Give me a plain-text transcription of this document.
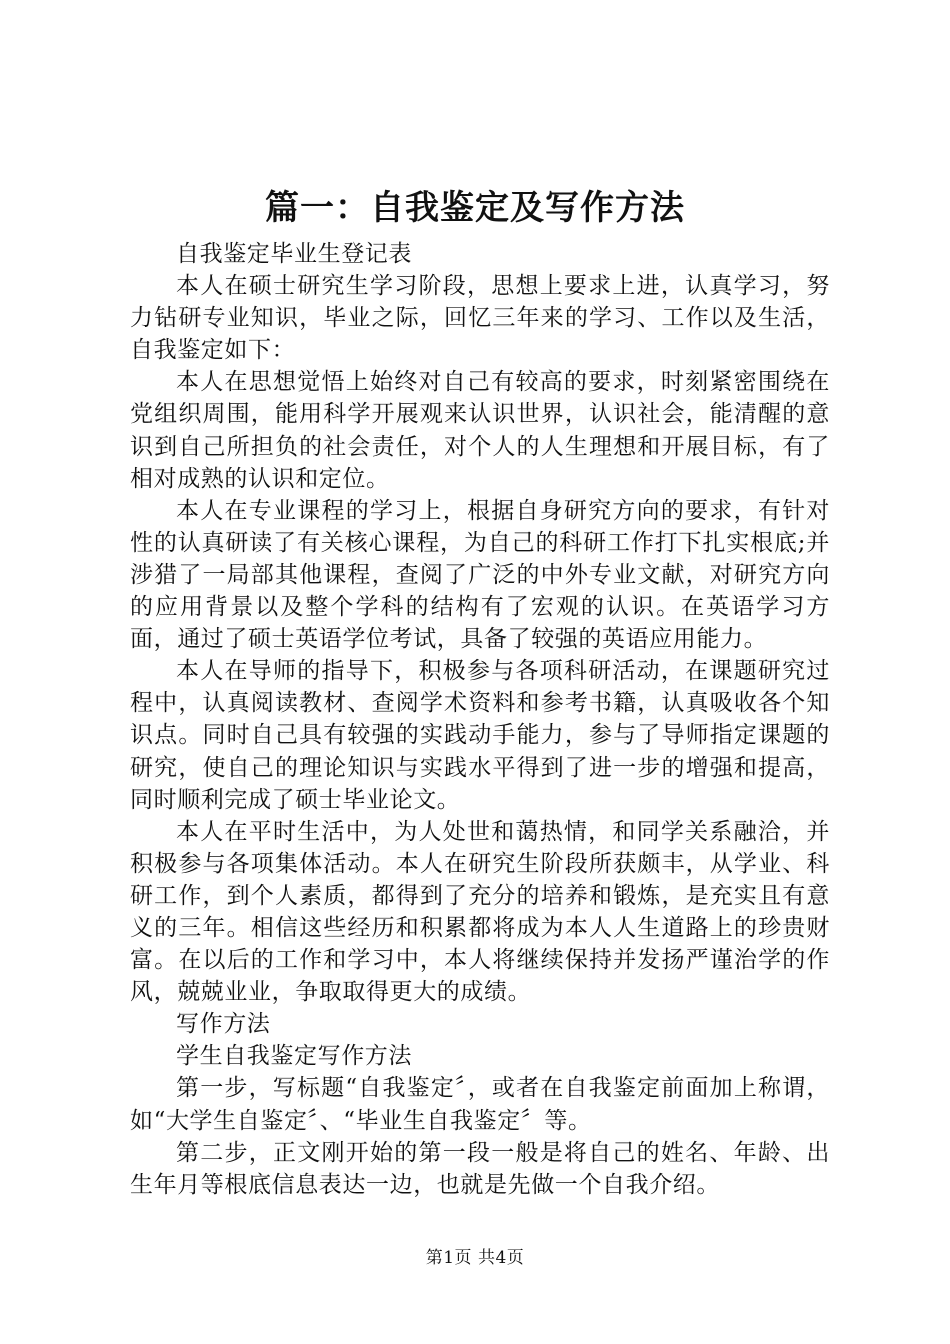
篇一：自我鉴定及写作方法

自我鉴定毕业生登记表

本人在硕士研究生学习阶段，思想上要求上进，认真学习，努力钻研专业知识，毕业之际，回忆三年来的学习、工作以及生活，自我鉴定如下：

本人在思想觉悟上始终对自己有较高的要求，时刻紧密围绕在党组织周围，能用科学开展观来认识世界，认识社会，能清醒的意识到自己所担负的社会责任，对个人的人生理想和开展目标，有了相对成熟的认识和定位。

本人在专业课程的学习上，根据自身研究方向的要求，有针对性的认真研读了有关核心课程，为自己的科研工作打下扎实根底;并涉猎了一局部其他课程，查阅了广泛的中外专业文献，对研究方向的应用背景以及整个学科的结构有了宏观的认识。在英语学习方面，通过了硕士英语学位考试，具备了较强的英语应用能力。

本人在导师的指导下，积极参与各项科研活动，在课题研究过程中，认真阅读教材、查阅学术资料和参考书籍，认真吸收各个知识点。同时自己具有较强的实践动手能力，参与了导师指定课题的研究，使自己的理论知识与实践水平得到了进一步的增强和提高，同时顺利完成了硕士毕业论文。

本人在平时生活中，为人处世和蔼热情，和同学关系融洽，并积极参与各项集体活动。本人在研究生阶段所获颇丰，从学业、科研工作，到个人素质，都得到了充分的培养和锻炼，是充实且有意义的三年。相信这些经历和积累都将成为本人人生道路上的珍贵财富。在以后的工作和学习中，本人将继续保持并发扬严谨治学的作风，兢兢业业，争取取得更大的成绩。

写作方法

学生自我鉴定写作方法

第一步，写标题“自我鉴定〞，或者在自我鉴定前面加上称谓，如“大学生自鉴定〞、“毕业生自我鉴定〞等。

第二步，正文刚开始的第一段一般是将自己的姓名、年龄、出生年月等根底信息表达一边，也就是先做一个自我介绍。

第1页 共4页
